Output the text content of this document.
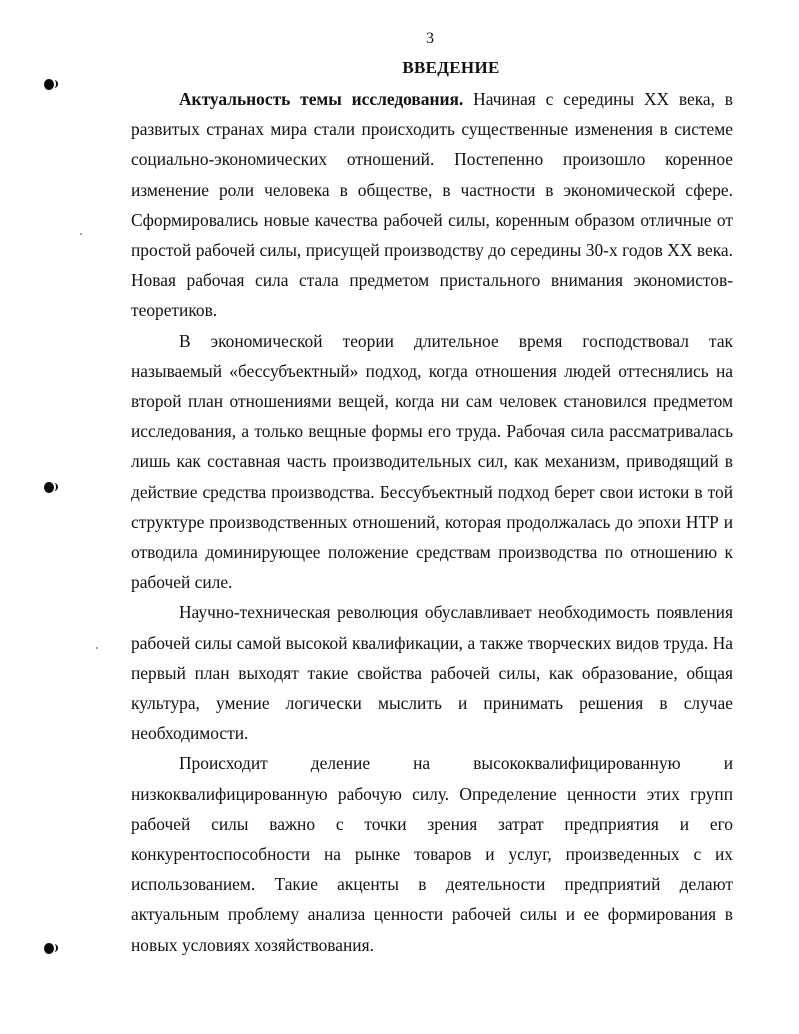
3
ВВЕДЕНИЕ

Актуальность темы исследования. Начиная с середины XX века, в развитых странах мира стали происходить существенные изменения в системе социально-экономических отношений. Постепенно произошло коренное изменение роли человека в обществе, в частности в экономической сфере. Сформировались новые качества рабочей силы, коренным образом отличные от простой рабочей силы, присущей производству до середины 30-х годов XX века. Новая рабочая сила стала предметом пристального внимания экономистов-теоретиков.

В экономической теории длительное время господствовал так называемый «бессубъектный» подход, когда отношения людей оттеснялись на второй план отношениями вещей, когда ни сам человек становился предметом исследования, а только вещные формы его труда. Рабочая сила рассматривалась лишь как составная часть производительных сил, как механизм, приводящий в действие средства производства. Бессубъектный подход берет свои истоки в той структуре производственных отношений, которая продолжалась до эпохи НТР и отводила доминирующее положение средствам производства по отношению к рабочей силе.

Научно-техническая революция обуславливает необходимость появления рабочей силы самой высокой квалификации, а также творческих видов труда. На первый план выходят такие свойства рабочей силы, как образование, общая культура, умение логически мыслить и принимать решения в случае необходимости.

Происходит деление на высококвалифицированную и низкоквалифицированную рабочую силу. Определение ценности этих групп рабочей силы важно с точки зрения затрат предприятия и его конкурентоспособности на рынке товаров и услуг, произведенных с их использованием. Такие акценты в деятельности предприятий делают актуальным проблему анализа ценности рабочей силы и ее формирования в новых условиях хозяйствования.
